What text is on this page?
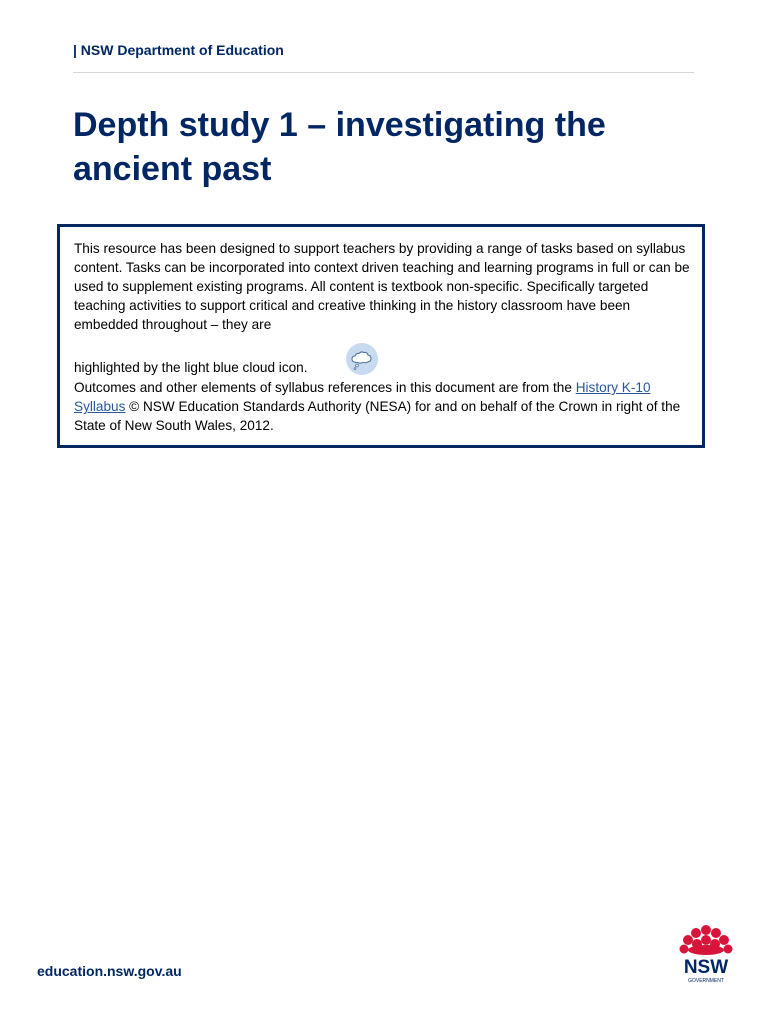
| NSW Department of Education
Depth study 1 – investigating the ancient past

This resource has been designed to support teachers by providing a range of tasks based on syllabus content. Tasks can be incorporated into context driven teaching and learning programs in full or can be used to supplement existing programs. All content is textbook non-specific. Specifically targeted teaching activities to support critical and creative thinking in the history classroom have been embedded throughout – they are

highlighted by the light blue cloud icon.

Outcomes and other elements of syllabus references in this document are from the History K-10 Syllabus © NSW Education Standards Authority (NESA) for and on behalf of the Crown in right of the State of New South Wales, 2012.

education.nsw.gov.au	NSW
GOVERNMENT
